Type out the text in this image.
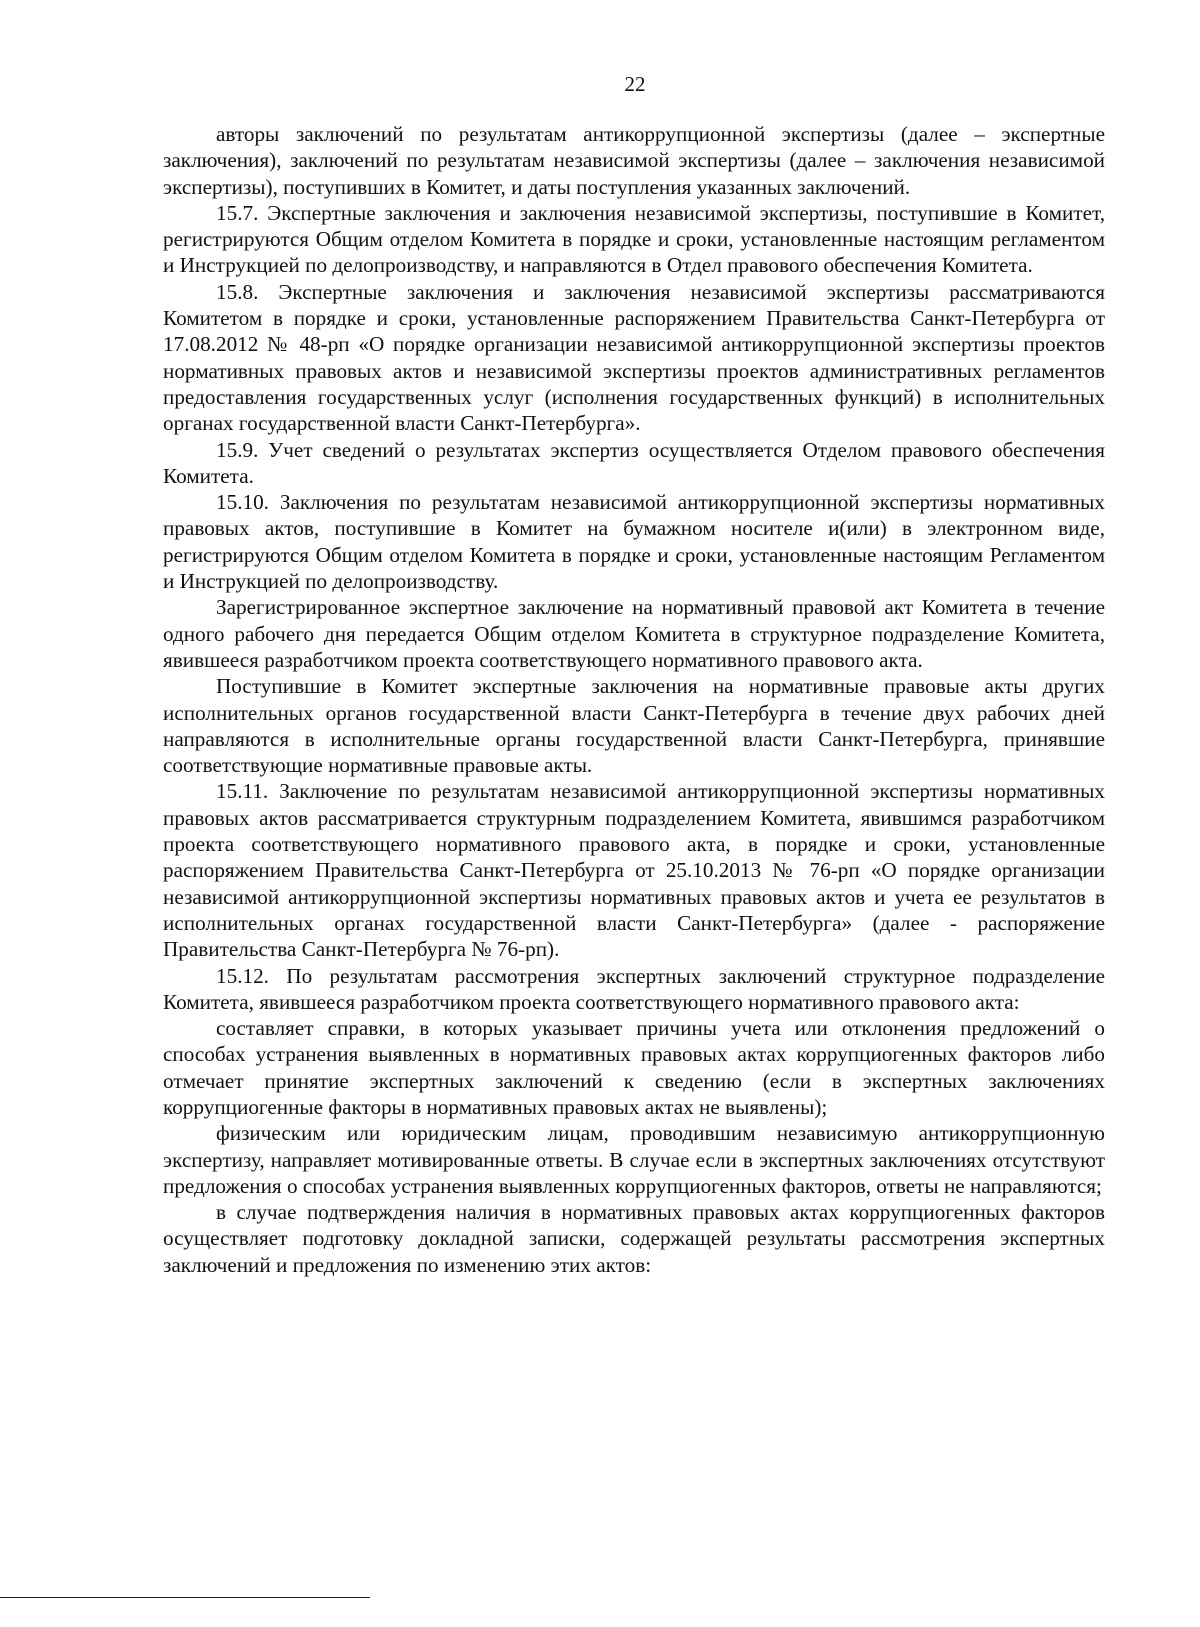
22

авторы заключений по результатам антикоррупционной экспертизы (далее – экспертные заключения), заключений по результатам независимой экспертизы (далее – заключения независимой экспертизы), поступивших в Комитет, и даты поступления указанных заключений.

15.7. Экспертные заключения и заключения независимой экспертизы, поступившие в Комитет, регистрируются Общим отделом Комитета в порядке и сроки, установленные настоящим регламентом и Инструкцией по делопроизводству, и направляются в Отдел правового обеспечения Комитета.

15.8. Экспертные заключения и заключения независимой экспертизы рассматриваются Комитетом в порядке и сроки, установленные распоряжением Правительства Санкт-Петербурга от 17.08.2012 № 48-рп «О порядке организации независимой антикоррупционной экспертизы проектов нормативных правовых актов и независимой экспертизы проектов административных регламентов предоставления государственных услуг (исполнения государственных функций) в исполнительных органах государственной власти Санкт-Петербурга».

15.9. Учет сведений о результатах экспертиз осуществляется Отделом правового обеспечения Комитета.

15.10. Заключения по результатам независимой антикоррупционной экспертизы нормативных правовых актов, поступившие в Комитет на бумажном носителе и(или) в электронном виде, регистрируются Общим отделом Комитета в порядке и сроки, установленные настоящим Регламентом и Инструкцией по делопроизводству.

Зарегистрированное экспертное заключение на нормативный правовой акт Комитета в течение одного рабочего дня передается Общим отделом Комитета в структурное подразделение Комитета, явившееся разработчиком проекта соответствующего нормативного правового акта.

Поступившие в Комитет экспертные заключения на нормативные правовые акты других исполнительных органов государственной власти Санкт-Петербурга в течение двух рабочих дней направляются в исполнительные органы государственной власти Санкт-Петербурга, принявшие соответствующие нормативные правовые акты.

15.11. Заключение по результатам независимой антикоррупционной экспертизы нормативных правовых актов рассматривается структурным подразделением Комитета, явившимся разработчиком проекта соответствующего нормативного правового акта, в порядке и сроки, установленные распоряжением Правительства Санкт-Петербурга от 25.10.2013 № 76-рп «О порядке организации независимой антикоррупционной экспертизы нормативных правовых актов и учета ее результатов в исполнительных органах государственной власти Санкт-Петербурга» (далее - распоряжение Правительства Санкт-Петербурга № 76-рп).

15.12. По результатам рассмотрения экспертных заключений структурное подразделение Комитета, явившееся разработчиком проекта соответствующего нормативного правового акта:

составляет справки, в которых указывает причины учета или отклонения предложений о способах устранения выявленных в нормативных правовых актах коррупциогенных факторов либо отмечает принятие экспертных заключений к сведению (если в экспертных заключениях коррупциогенные факторы в нормативных правовых актах не выявлены);

физическим или юридическим лицам, проводившим независимую антикоррупционную экспертизу, направляет мотивированные ответы. В случае если в экспертных заключениях отсутствуют предложения о способах устранения выявленных коррупциогенных факторов, ответы не направляются;

в случае подтверждения наличия в нормативных правовых актах коррупциогенных факторов осуществляет подготовку докладной записки, содержащей результаты рассмотрения экспертных заключений и предложения по изменению этих актов:
